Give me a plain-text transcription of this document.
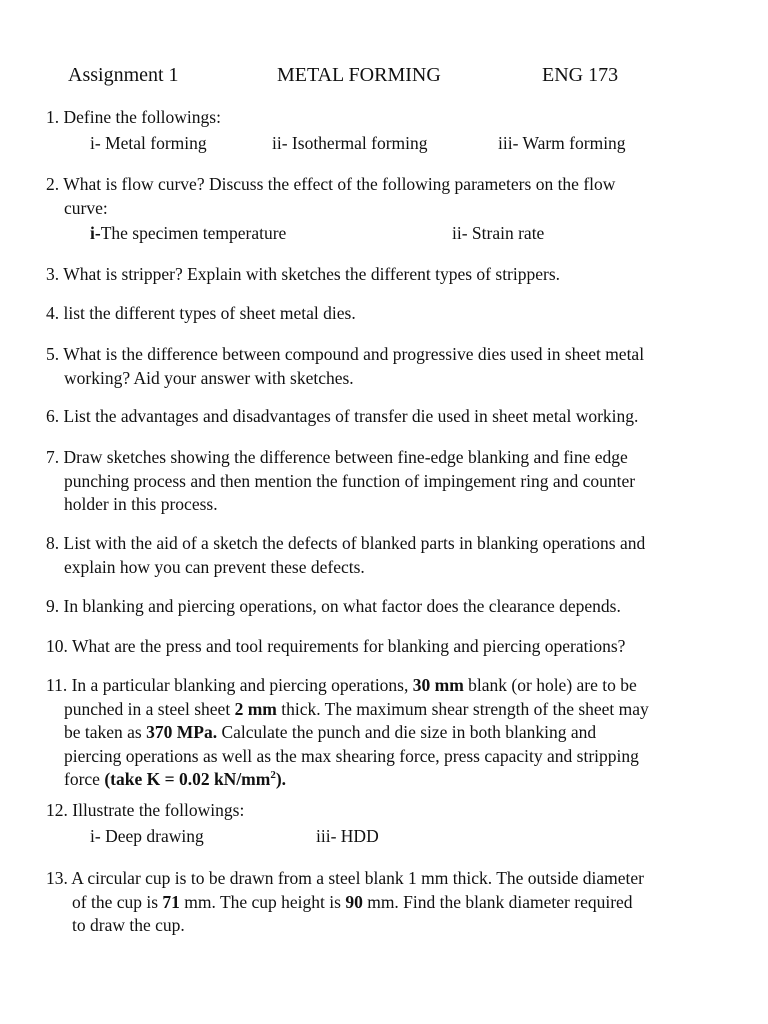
Assignment 1	METAL FORMING	ENG 173
1. Define the followings:
i- Metal forming	ii- Isothermal forming	iii- Warm forming
2. What is flow curve? Discuss the effect of the following parameters on the flow
curve:
i-The specimen temperature	ii- Strain rate
3. What is stripper? Explain with sketches the different types of strippers.
4. list the different types of sheet metal dies.
5. What is the difference between compound and progressive dies used in sheet metal
working? Aid your answer with sketches.
6. List the advantages and disadvantages of transfer die used in sheet metal working.
7. Draw sketches showing the difference between fine-edge blanking and fine edge
punching process and then mention the function of impingement ring and counter
holder in this process.
8. List with the aid of a sketch the defects of blanked parts in blanking operations and
explain how you can prevent these defects.
9. In blanking and piercing operations, on what factor does the clearance depends.
10. What are the press and tool requirements for blanking and piercing operations?
11. In a particular blanking and piercing operations, 30 mm blank (or hole) are to be
punched in a steel sheet 2 mm thick. The maximum shear strength of the sheet may
be taken as 370 MPa. Calculate the punch and die size in both blanking and
piercing operations as well as the max shearing force, press capacity and stripping
force (take K = 0.02 $kN/mm^2$).
12. Illustrate the followings:
i- Deep drawing	iii- HDD
13. A circular cup is to be drawn from a steel blank 1 mm thick. The outside diameter
of the cup is 71 mm. The cup height is 90 mm. Find the blank diameter required
to draw the cup.
